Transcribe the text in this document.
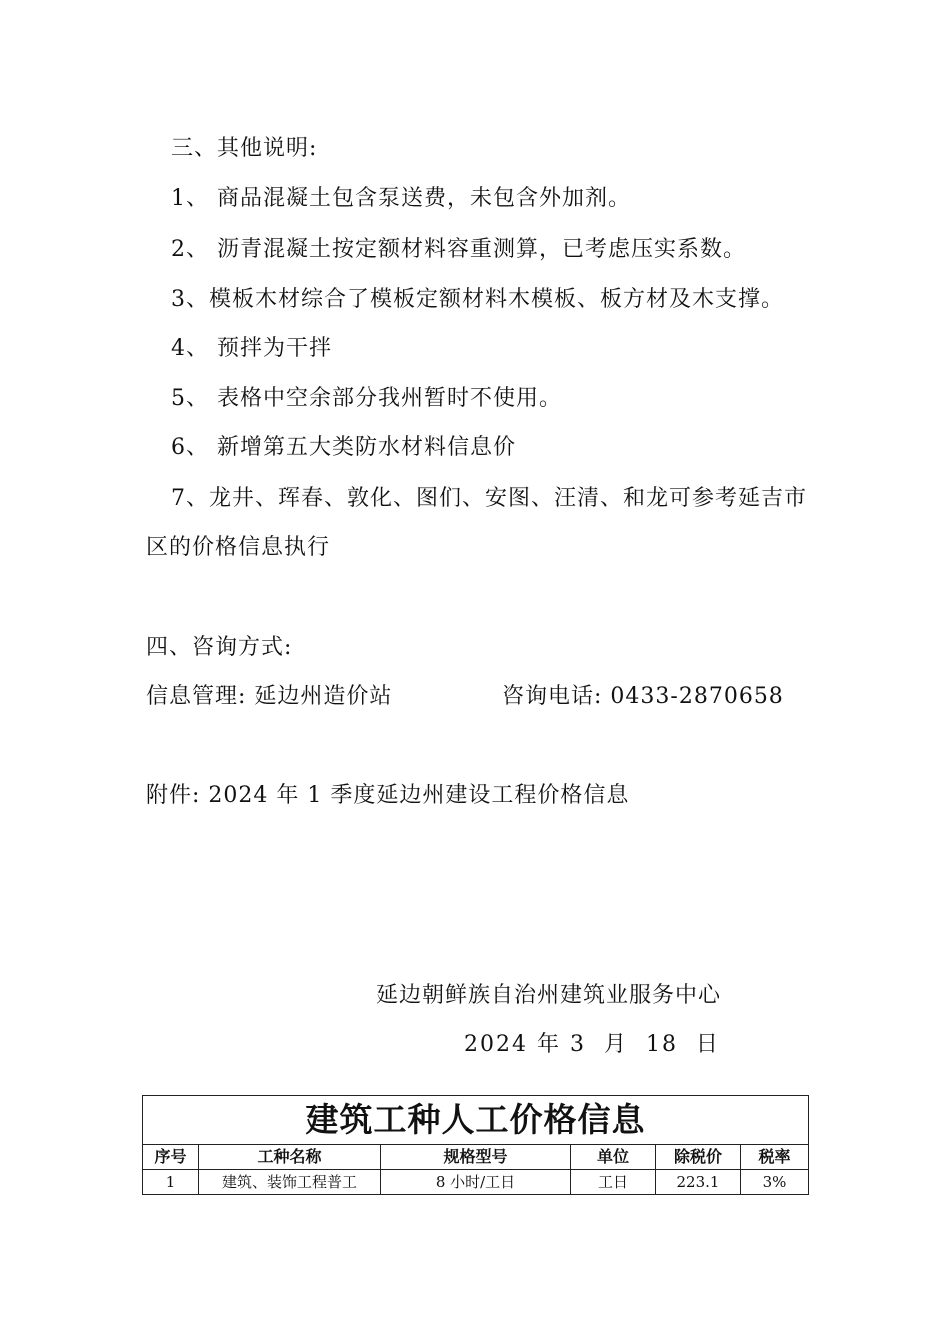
三、其他说明:
1、 商品混凝土包含泵送费，未包含外加剂。
2、 沥青混凝土按定额材料容重测算，已考虑压实系数。
3、模板木材综合了模板定额材料木模板、板方材及木支撑。
4、 预拌为干拌
5、 表格中空余部分我州暂时不使用。
6、 新增第五大类防水材料信息价
7、龙井、珲春、敦化、图们、安图、汪清、和龙可参考延吉市
区的价格信息执行
四、咨询方式:
信息管理: 延边州造价站	咨询电话: 0433-2870658
附件: 2024 年 1 季度延边州建设工程价格信息
延边朝鲜族自治州建筑业服务中心
2024 年 3  月  18  日
建筑工种人工价格信息					
序号	工种名称	规格型号	单位	除税价	税率
1	建筑、装饰工程普工	8 小时/工日	工日	223.1	3%
